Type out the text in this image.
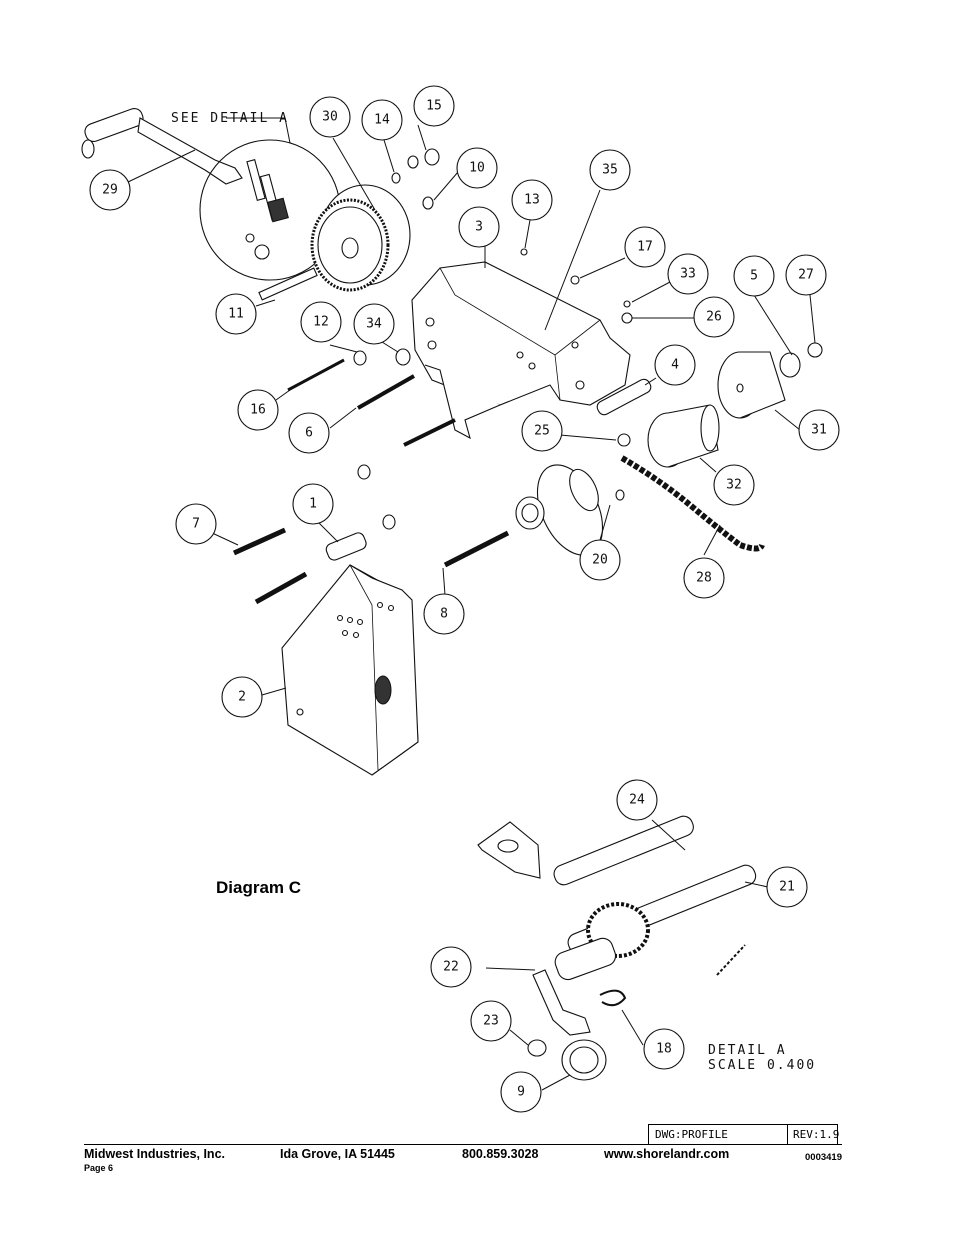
29
30	14
15
10
13
35
3
17
33	5	27
11
12	34	26
16
4
6	31
25
32
7
1
20
28
8
2
24
21
22
23
18
9
SEE DETAIL A
DETAIL A
SCALE 0.400
Diagram C
DWG:PROFILE	REV:1.9
Midwest Industries, Inc.	Ida Grove, IA 51445	800.859.3028	www.shorelandr.com
Page 6
0003419
